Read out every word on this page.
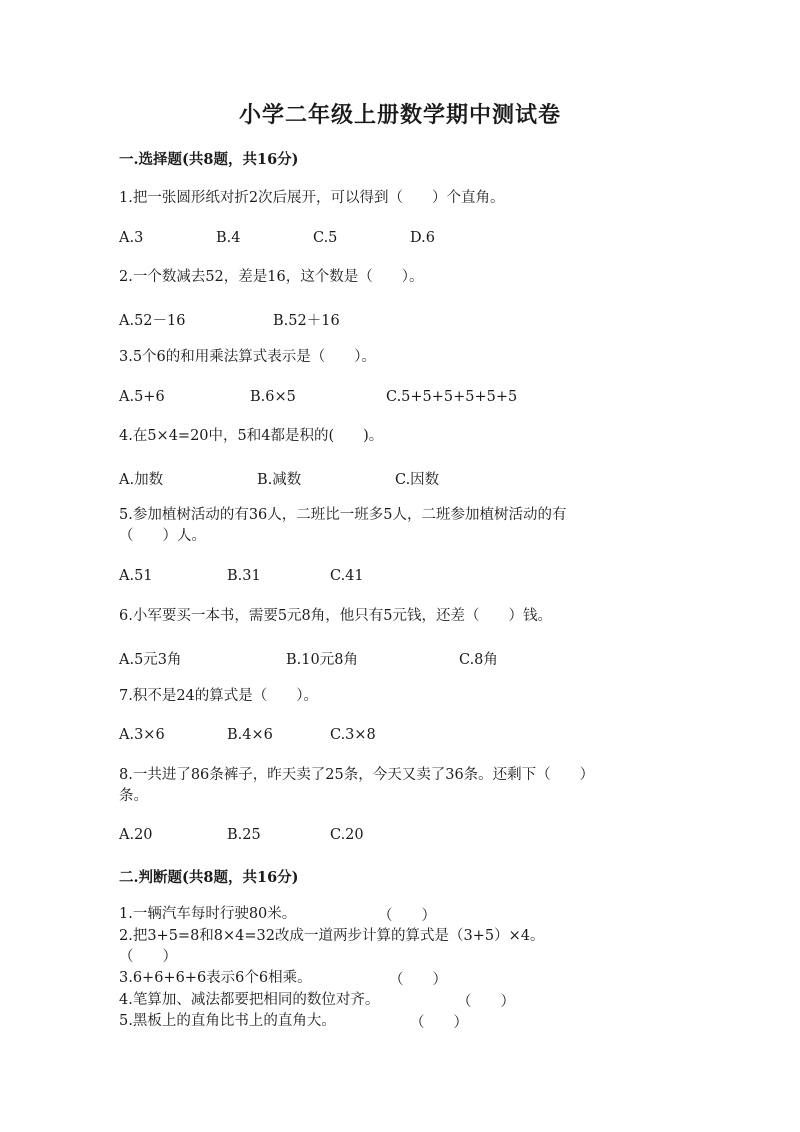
小学二年级上册数学期中测试卷
一.选择题(共8题，共16分)
1.把一张圆形纸对折2次后展开，可以得到（　　）个直角。
A.3	B.4	C.5	D.6
2.一个数减去52，差是16，这个数是（　　）。
A.52－16	B.52＋16
3.5个6的和用乘法算式表示是（　　）。
A.5+6	B.6×5	C.5+5+5+5+5+5
4.在5×4=20中，5和4都是积的(　　)。
A.加数	B.减数	C.因数
5.参加植树活动的有36人，二班比一班多5人，二班参加植树活动的有
（　　）人。
A.51	B.31	C.41
6.小军要买一本书，需要5元8角，他只有5元钱，还差（　　）钱。
A.5元3角	B.10元8角	C.8角
7.积不是24的算式是（　　）。
A.3×6	B.4×6	C.3×8
8.一共进了86条裤子，昨天卖了25条，今天又卖了36条。还剩下（　　）
条。
A.20	B.25	C.20
二.判断题(共8题，共16分)
1.一辆汽车每时行驶80米。	（　　）
2.把3+5=8和8×4=32改成一道两步计算的算式是（3+5）×4。
（　　）
3.6+6+6+6表示6个6相乘。	（　　）
4.笔算加、减法都要把相同的数位对齐。	（　　）
5.黑板上的直角比书上的直角大。	（　　）
